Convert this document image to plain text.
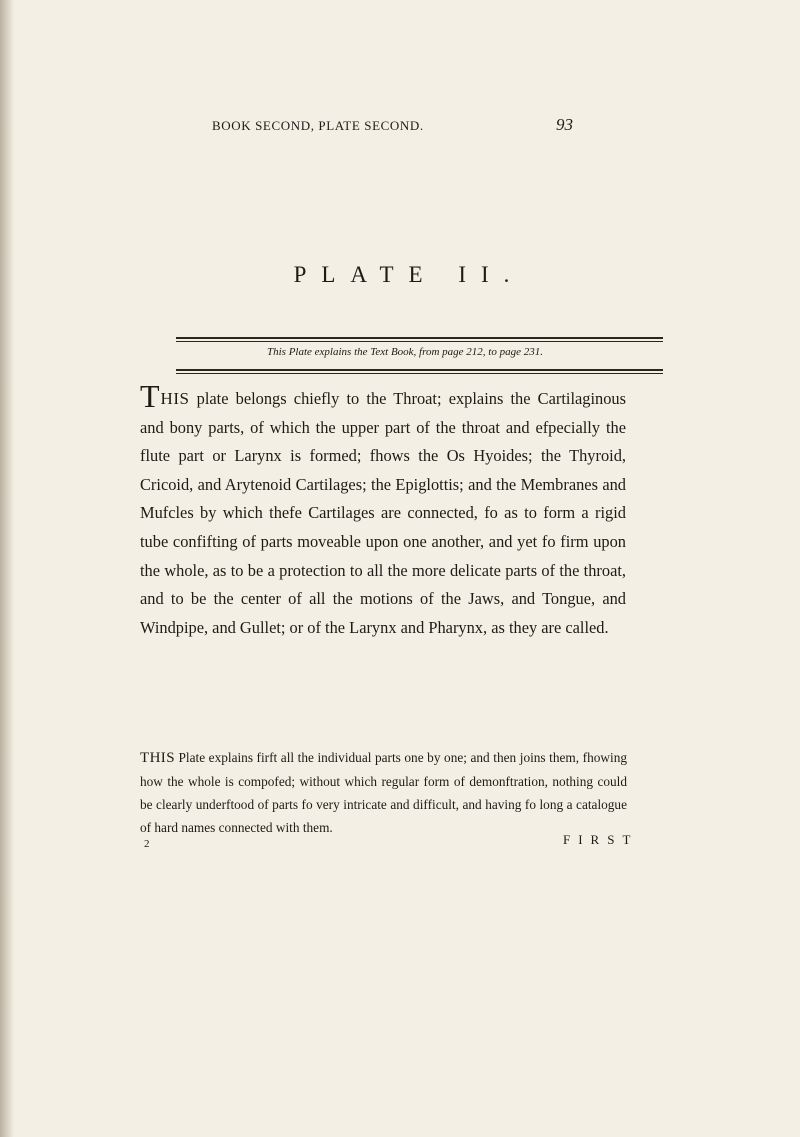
BOOK SECOND, PLATE SECOND.	93
PLATE II.
This Plate explains the Text Book, from page 212, to page 231.

THIS plate belongs chiefly to the Throat; explains the Cartilaginous and bony parts, of which the upper part of the throat and efpecially the flute part or Larynx is formed; fhows the Os Hyoides; the Thyroid, Cricoid, and Arytenoid Cartilages; the Epiglottis; and the Membranes and Mufcles by which thefe Cartilages are connected, fo as to form a rigid tube confifting of parts moveable upon one another, and yet fo firm upon the whole, as to be a protection to all the more delicate parts of the throat, and to be the center of all the motions of the Jaws, and Tongue, and Windpipe, and Gullet; or of the Larynx and Pharynx, as they are called.

THIS Plate explains firft all the individual parts one by one; and then joins them, fhowing how the whole is compofed; without which regular form of demonftration, nothing could be clearly underftood of parts fo very intricate and difficult, and having fo long a catalogue of hard names connected with them.

2	FIRST
